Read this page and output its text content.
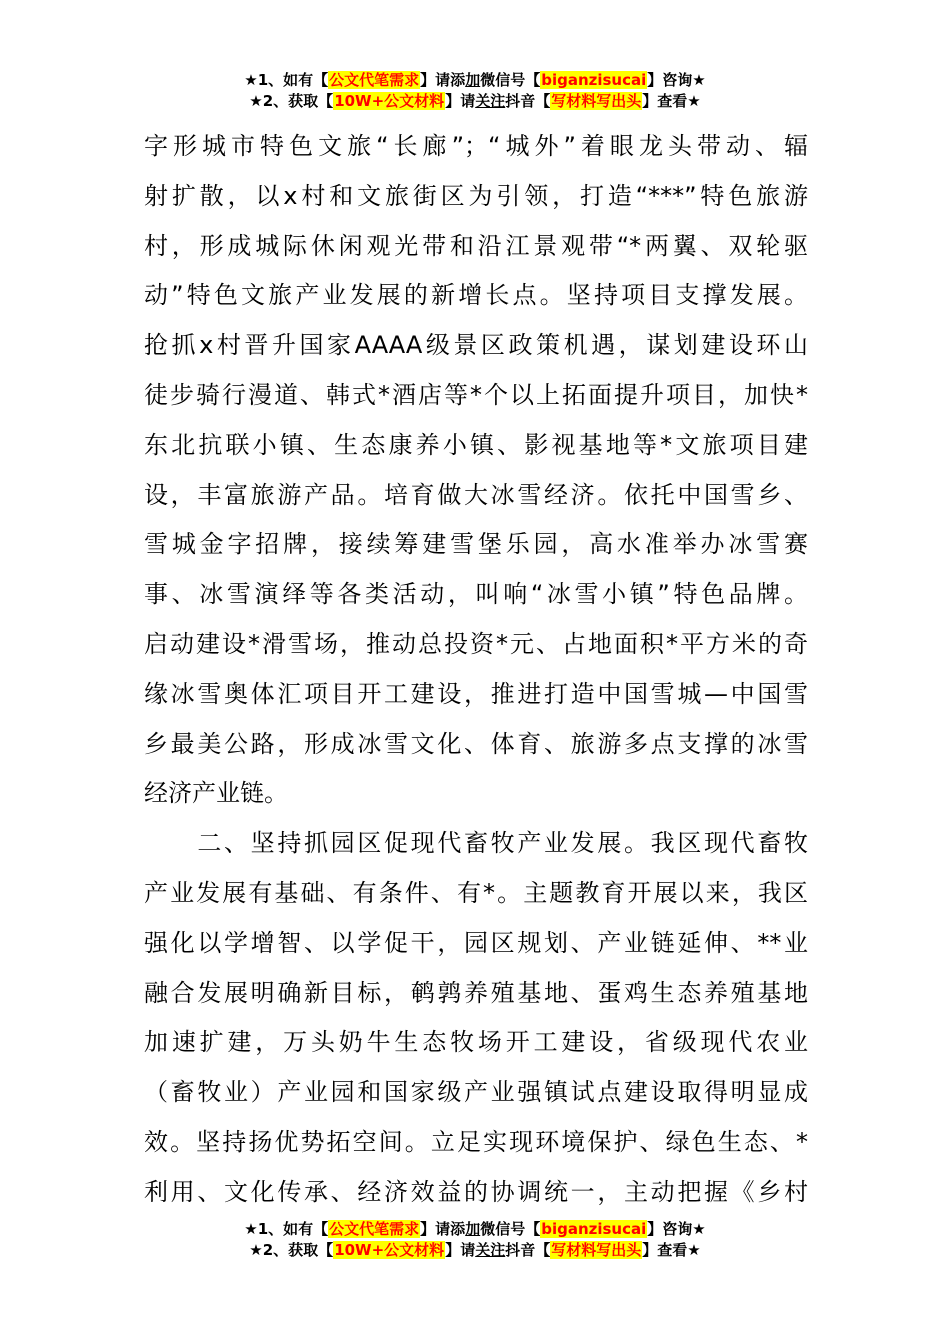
★1、如有【公文代笔需求】请添加微信号【biganzisucai】咨询★
★2、获取【10W+公文材料】请关注抖音【写材料写出头】查看★
字形城市特色文旅“长廊”；“城外”着眼龙头带动、辐
射扩散，以x村和文旅街区为引领，打造“***”特色旅游
村，形成城际休闲观光带和沿江景观带“*两翼、双轮驱
动”特色文旅产业发展的新增长点。坚持项目支撑发展。
抢抓x村晋升国家AAAA级景区政策机遇，谋划建设环山
徒步骑行漫道、韩式*酒店等*个以上拓面提升项目，加快*
东北抗联小镇、生态康养小镇、影视基地等*文旅项目建
设，丰富旅游产品。培育做大冰雪经济。依托中国雪乡、
雪城金字招牌，接续筹建雪堡乐园，高水准举办冰雪赛
事、冰雪演绎等各类活动，叫响“冰雪小镇”特色品牌。
启动建设*滑雪场，推动总投资*元、占地面积*平方米的奇
缘冰雪奥体汇项目开工建设，推进打造中国雪城—中国雪
乡最美公路，形成冰雪文化、体育、旅游多点支撑的冰雪
经济产业链。
　　二、坚持抓园区促现代畜牧产业发展。我区现代畜牧
产业发展有基础、有条件、有*。主题教育开展以来，我区
强化以学增智、以学促干，园区规划、产业链延伸、**业
融合发展明确新目标，鹌鹑养殖基地、蛋鸡生态养殖基地
加速扩建，万头奶牛生态牧场开工建设，省级现代农业
（畜牧业）产业园和国家级产业强镇试点建设取得明显成
效。坚持扬优势拓空间。立足实现环境保护、绿色生态、*
利用、文化传承、经济效益的协调统一，主动把握《乡村
★1、如有【公文代笔需求】请添加微信号【biganzisucai】咨询★
★2、获取【10W+公文材料】请关注抖音【写材料写出头】查看★
